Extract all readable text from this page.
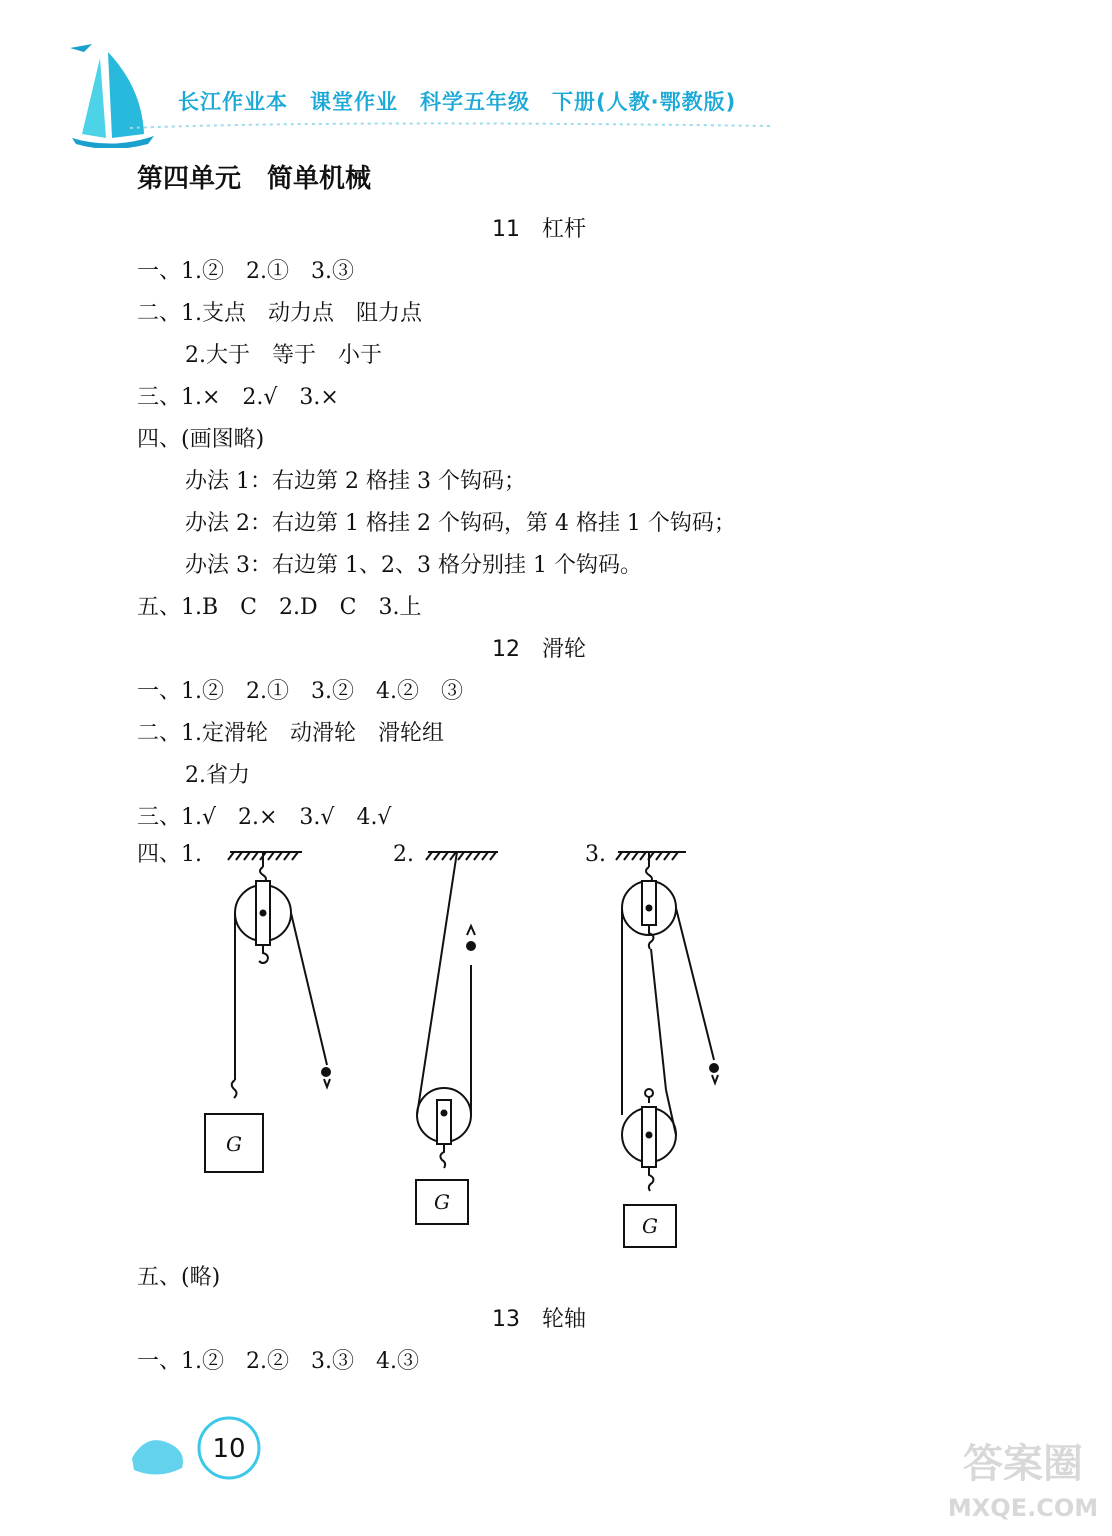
长江作业本 课堂作业 科学五年级 下册(人教·鄂教版)
第四单元　简单机械
11　杠杆
一、1.②　2.①　3.③
二、1.支点　动力点　阻力点
2.大于　等于　小于
三、1.×　2.√　3.×
四、(画图略)
办法 1：右边第 2 格挂 3 个钩码；
办法 2：右边第 1 格挂 2 个钩码，第 4 格挂 1 个钩码；
办法 3：右边第 1、2、3 格分别挂 1 个钩码。
五、1.B　C　2.D　C　3.上
12　滑轮
一、1.②　2.①　3.②　4.②　③
二、1.定滑轮　动滑轮　滑轮组
2.省力
三、1.√　2.×　3.√　4.√
四、1.	2.	3.
G
G
G
五、(略)
13　轮轴
一、1.②　2.②　3.③　4.③
10	答案圈
MXQE.COM
